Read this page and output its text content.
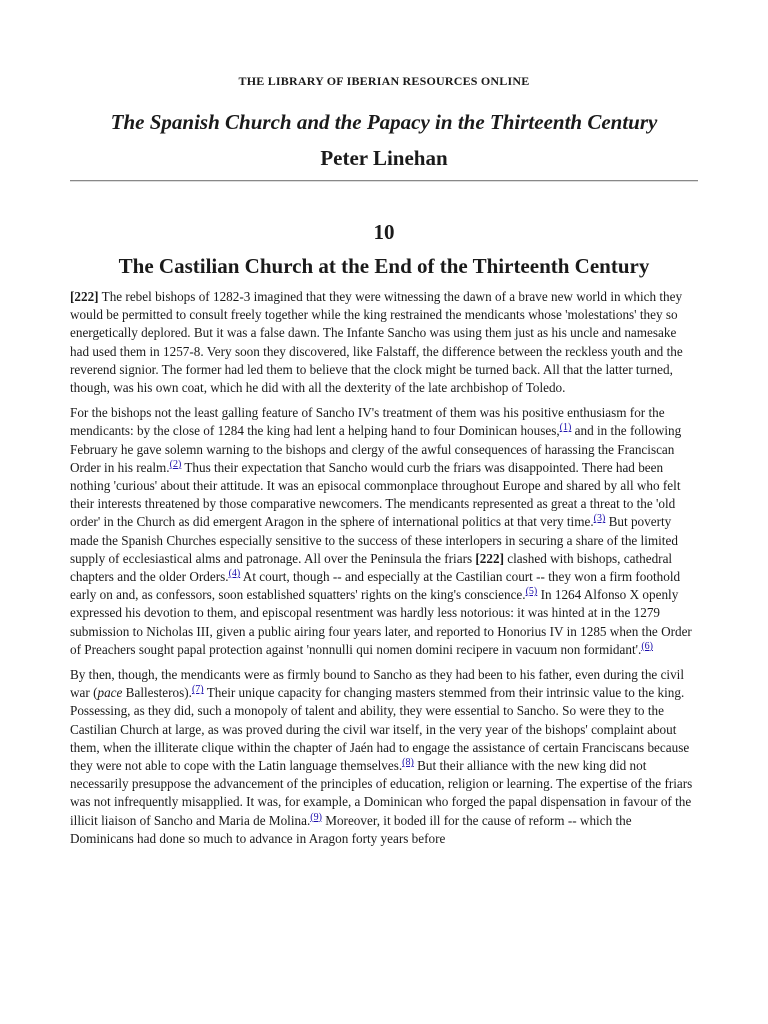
THE LIBRARY OF IBERIAN RESOURCES ONLINE
The Spanish Church and the Papacy in the Thirteenth Century
Peter Linehan
10
The Castilian Church at the End of the Thirteenth Century

[222] The rebel bishops of 1282-3 imagined that they were witnessing the dawn of a brave new world in which they would be permitted to consult freely together while the king restrained the mendicants whose 'molestations' they so energetically deplored. But it was a false dawn. The Infante Sancho was using them just as his uncle and namesake had used them in 1257-8. Very soon they discovered, like Falstaff, the difference between the reckless youth and the reverend signior. The former had led them to believe that the clock might be turned back. All that the latter turned, though, was his own coat, which he did with all the dexterity of the late archbishop of Toledo.

For the bishops not the least galling feature of Sancho IV's treatment of them was his positive enthusiasm for the mendicants: by the close of 1284 the king had lent a helping hand to four Dominican houses,$^{(1)}$ and in the following February he gave solemn warning to the bishops and clergy of the awful consequences of harassing the Franciscan Order in his realm.$^{(2)}$ Thus their expectation that Sancho would curb the friars was disappointed. There had been nothing 'curious' about their attitude. It was an episocal commonplace throughout Europe and shared by all who felt their interests threatened by those comparative newcomers. The mendicants represented as great a threat to the 'old order' in the Church as did emergent Aragon in the sphere of international politics at that very time.$^{(3)}$ But poverty made the Spanish Churches especially sensitive to the success of these interlopers in securing a share of the limited supply of ecclesiastical alms and patronage. All over the Peninsula the friars [222] clashed with bishops, cathedral chapters and the older Orders.$^{(4)}$ At court, though -- and especially at the Castilian court -- they won a firm foothold early on and, as confessors, soon established squatters' rights on the king's conscience.$^{(5)}$ In 1264 Alfonso X openly expressed his devotion to them, and episcopal resentment was hardly less notorious: it was hinted at in the 1279 submission to Nicholas III, given a public airing four years later, and reported to Honorius IV in 1285 when the Order of Preachers sought papal protection against 'nonnulli qui nomen domini recipere in vacuum non formidant'.$^{(6)}$

By then, though, the mendicants were as firmly bound to Sancho as they had been to his father, even during the civil war (pace Ballesteros).$^{(7)}$ Their unique capacity for changing masters stemmed from their intrinsic value to the king. Possessing, as they did, such a monopoly of talent and ability, they were essential to Sancho. So were they to the Castilian Church at large, as was proved during the civil war itself, in the very year of the bishops' complaint about them, when the illiterate clique within the chapter of Jaén had to engage the assistance of certain Franciscans because they were not able to cope with the Latin language themselves.$^{(8)}$ But their alliance with the new king did not necessarily presuppose the advancement of the principles of education, religion or learning. The expertise of the friars was not infrequently misapplied. It was, for example, a Dominican who forged the papal dispensation in favour of the illicit liaison of Sancho and Maria de Molina.$^{(9)}$ Moreover, it boded ill for the cause of reform -- which the Dominicans had done so much to advance in Aragon forty years before
